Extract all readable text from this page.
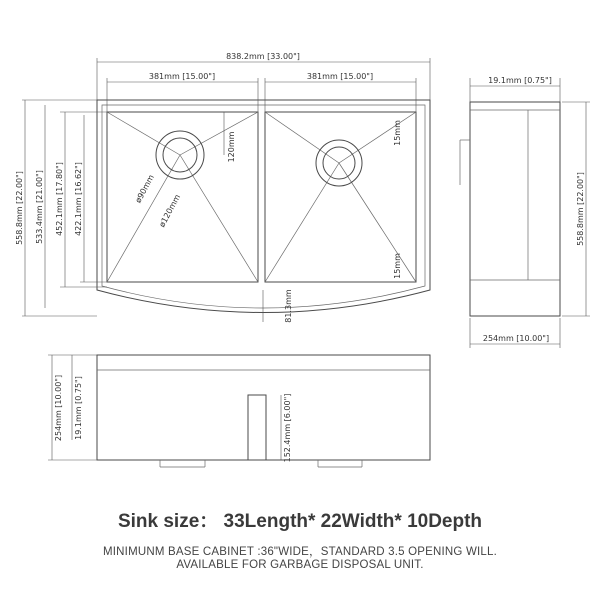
838.2mm [33.00"]
381mm [15.00"]	381mm [15.00"]
558.8mm [22.00"] 533.4mm [21.00"] 452.1mm [17.80"] 422.1mm [16.62"]	ø90mm
ø120mm
120mm	15mm
15mm
81.3mm
19.1mm [0.75"]
558.8mm [22.00"]
254mm [10.00"]
254mm [10.00"] 19.1mm [0.75"]	152.4mm [6.00"]
Sink size： 33Length* 22Width* 10Depth
MINIMUNM BASE CABINET :36"WIDE，STANDARD 3.5 OPENING WILL.
AVAILABLE FOR GARBAGE DISPOSAL UNIT.
